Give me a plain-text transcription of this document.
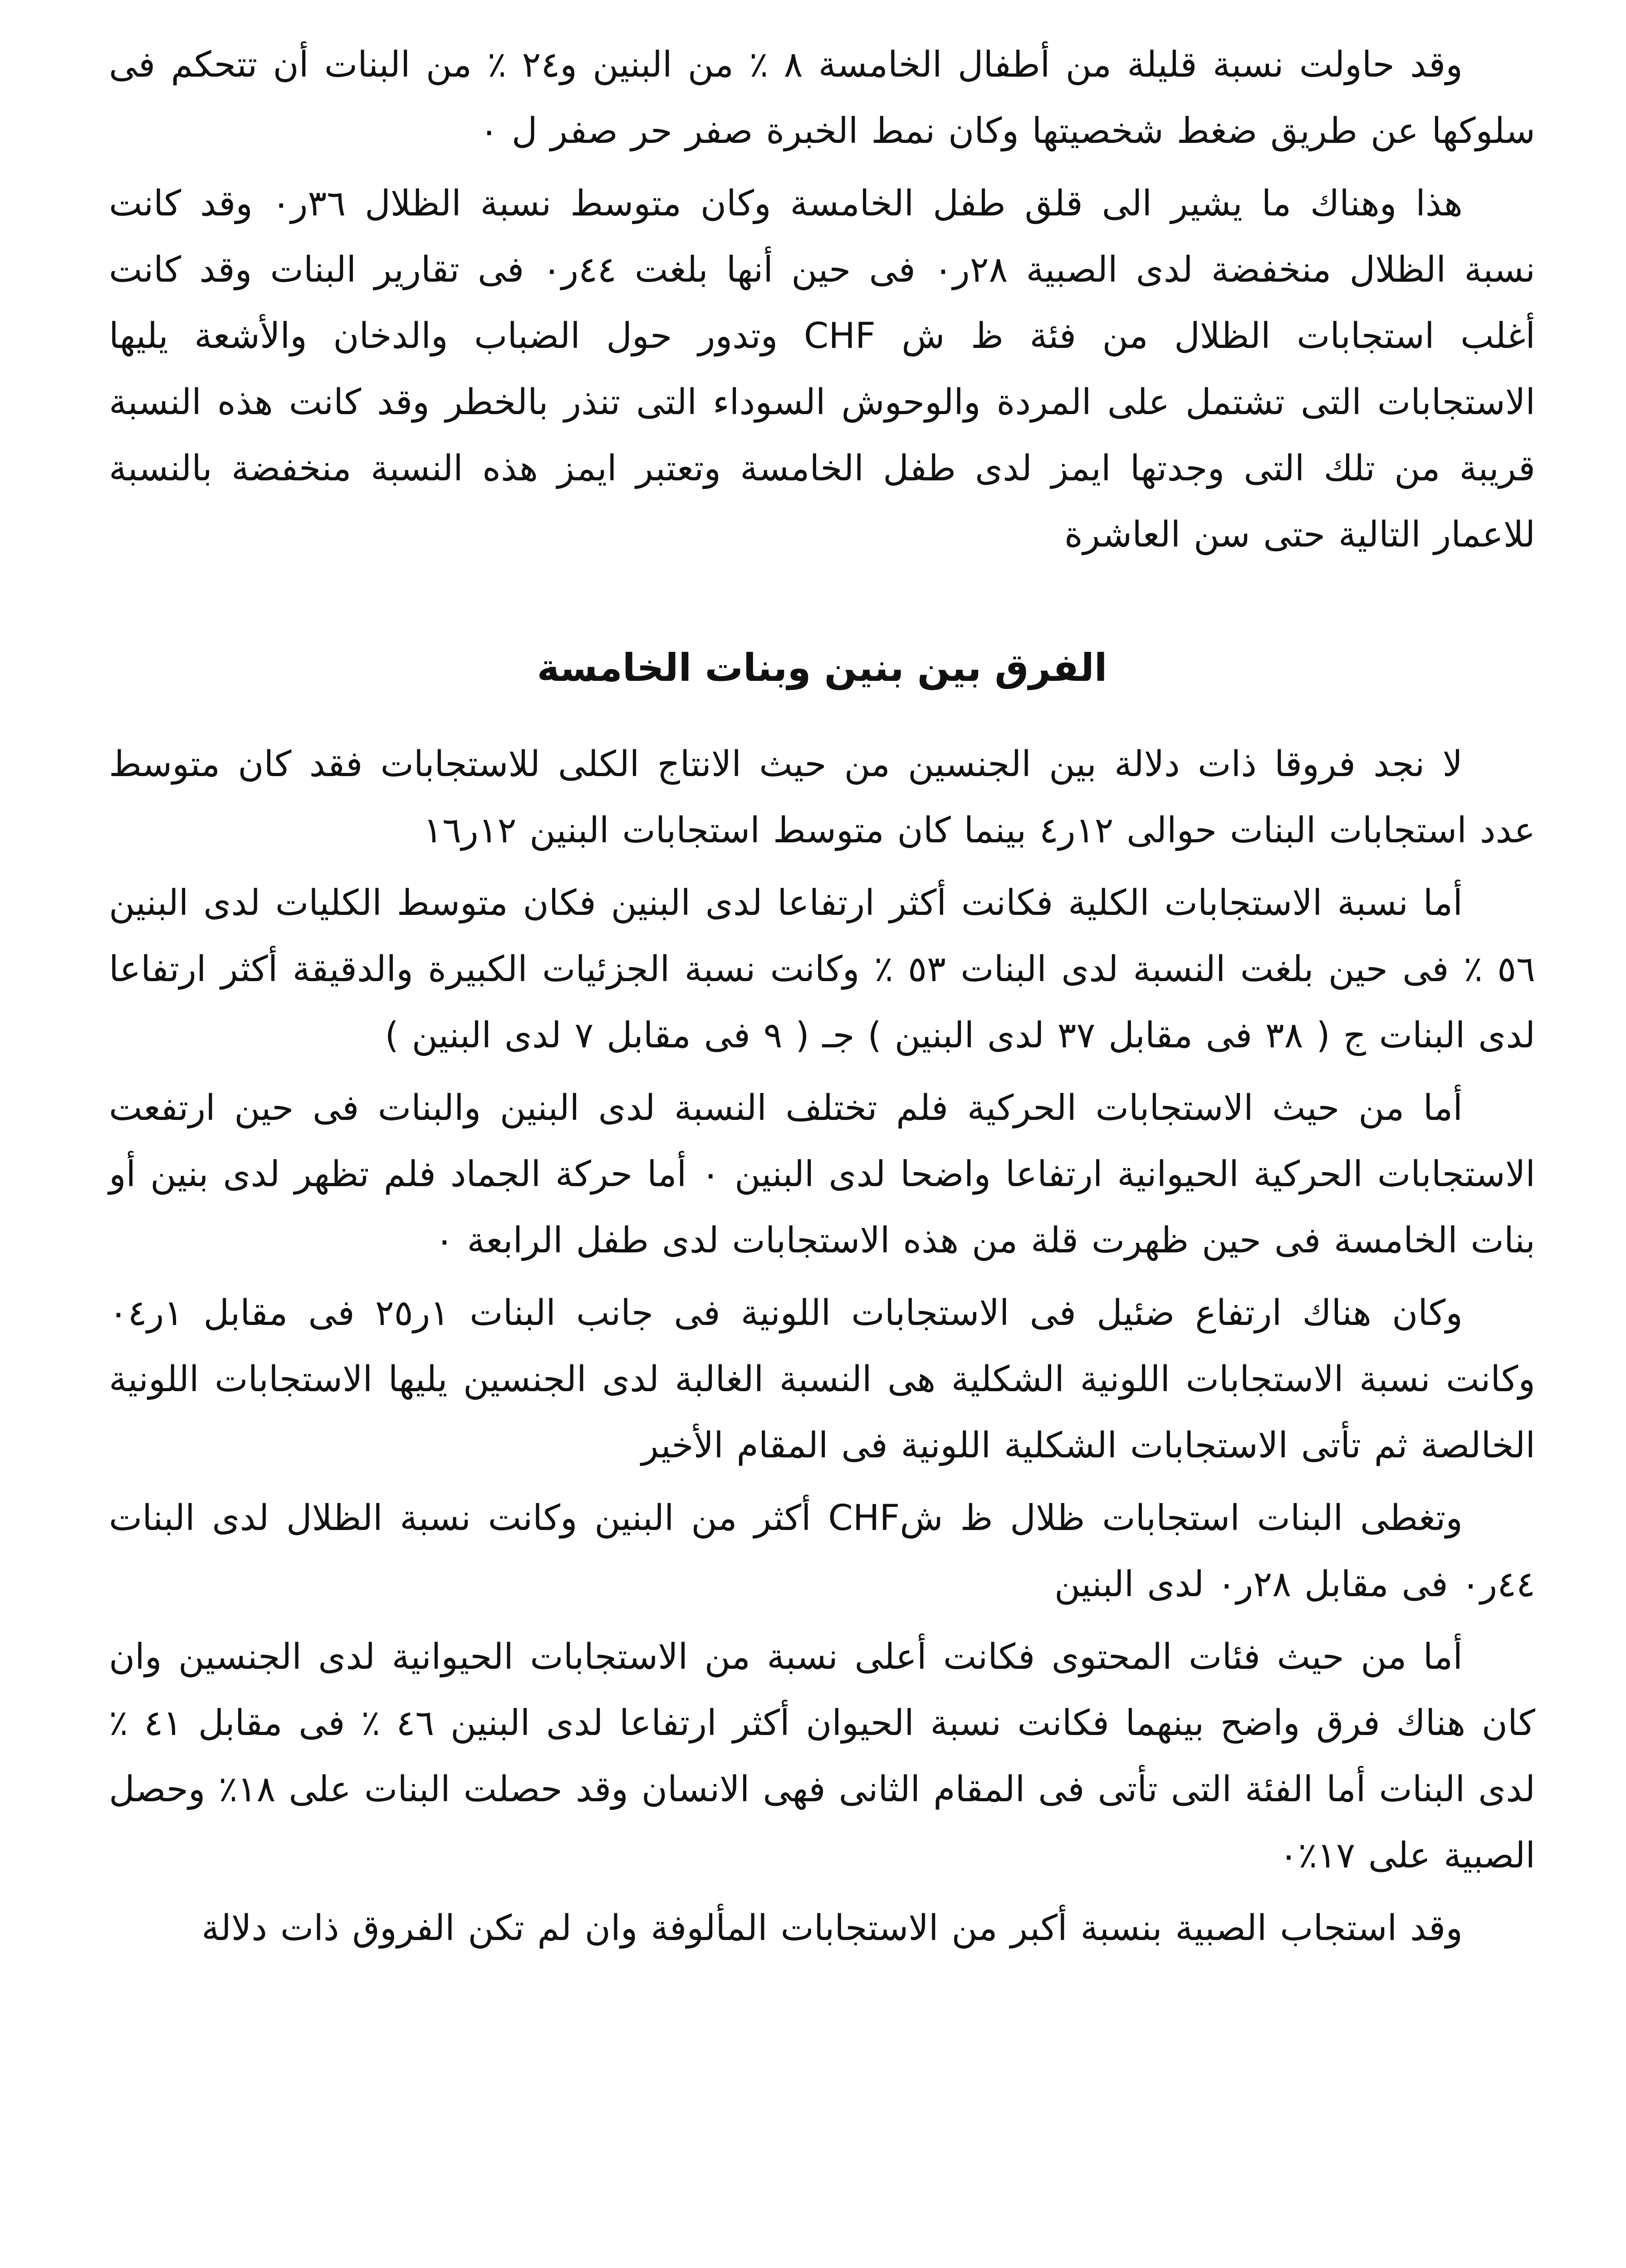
وقد حاولت نسبة قليلة من أطفال الخامسة ٨ ٪ من البنين و٢٤ ٪ من البنات أن تتحكم فى سلوكها عن طريق ضغط شخصيتها وكان نمط الخبرة صفر حر صفر ل ٠

هذا وهناك ما يشير الى قلق طفل الخامسة وكان متوسط نسبة الظلال ٣٦ر٠ وقد كانت نسبة الظلال منخفضة لدى الصبية ٢٨ر٠ فى حين أنها بلغت ٤٤ر٠ فى تقارير البنات وقد كانت أغلب استجابات الظلال من فئة ظ ش CHF وتدور حول الضباب والدخان والأشعة يليها الاستجابات التى تشتمل على المردة والوحوش السوداء التى تنذر بالخطر وقد كانت هذه النسبة قريبة من تلك التى وجدتها ايمز لدى طفل الخامسة وتعتبر ايمز هذه النسبة منخفضة بالنسبة للاعمار التالية حتى سن العاشرة

الفرق بين بنين وبنات الخامسة

لا نجد فروقا ذات دلالة بين الجنسين من حيث الانتاج الكلى للاستجابات فقد كان متوسط عدد استجابات البنات حوالى ١٢ر٤ بينما كان متوسط استجابات البنين ١٢ر١٦

أما نسبة الاستجابات الكلية فكانت أكثر ارتفاعا لدى البنين فكان متوسط الكليات لدى البنين ٥٦ ٪ فى حين بلغت النسبة لدى البنات ٥٣ ٪ وكانت نسبة الجزئيات الكبيرة والدقيقة أكثر ارتفاعا لدى البنات ج ( ٣٨ فى مقابل ٣٧ لدى البنين ) جـ ( ٩ فى مقابل ٧ لدى البنين )

أما من حيث الاستجابات الحركية فلم تختلف النسبة لدى البنين والبنات فى حين ارتفعت الاستجابات الحركية الحيوانية ارتفاعا واضحا لدى البنين ٠ أما حركة الجماد فلم تظهر لدى بنين أو بنات الخامسة فى حين ظهرت قلة من هذه الاستجابات لدى طفل الرابعة ٠

وكان هناك ارتفاع ضئيل فى الاستجابات اللونية فى جانب البنات ١ر٢٥ فى مقابل ١ر٠٤ وكانت نسبة الاستجابات اللونية الشكلية هى النسبة الغالبة لدى الجنسين يليها الاستجابات اللونية الخالصة ثم تأتى الاستجابات الشكلية اللونية فى المقام الأخير

وتغطى البنات استجابات ظلال ظ شCHF أكثر من البنين وكانت نسبة الظلال لدى البنات ٤٤ر٠ فى مقابل ٢٨ر٠ لدى البنين

أما من حيث فئات المحتوى فكانت أعلى نسبة من الاستجابات الحيوانية لدى الجنسين وان كان هناك فرق واضح بينهما فكانت نسبة الحيوان أكثر ارتفاعا لدى البنين ٤٦ ٪ فى مقابل ٤١ ٪ لدى البنات أما الفئة التى تأتى فى المقام الثانى فهى الانسان وقد حصلت البنات على ١٨٪ وحصل الصبية على ١٧٪٠

وقد استجاب الصبية بنسبة أكبر من الاستجابات المألوفة وان لم تكن الفروق ذات دلالة
